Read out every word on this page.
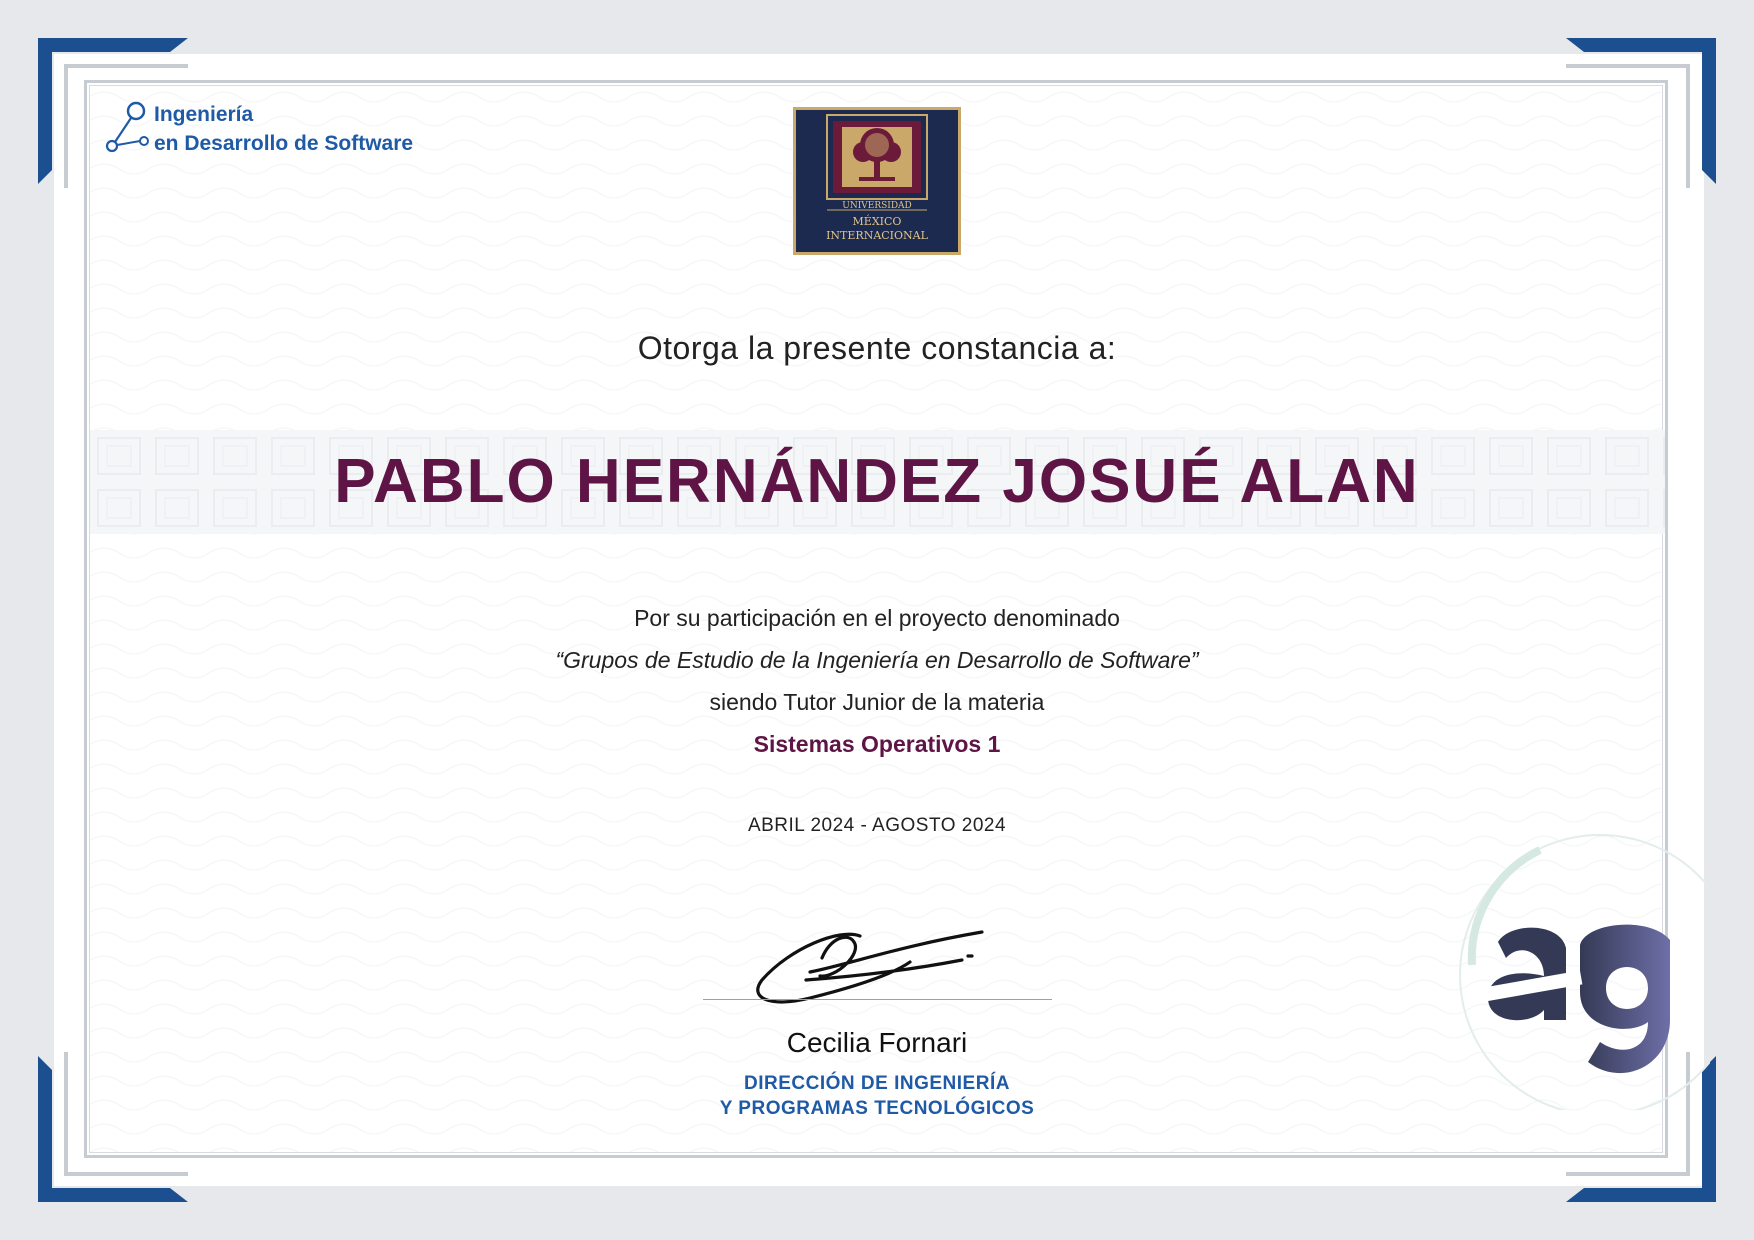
Ingeniería
en Desarrollo de Software
UNIVERSIDAD
MÉXICO
INTERNACIONAL
Otorga la presente constancia a:
PABLO HERNÁNDEZ JOSUÉ ALAN
Por su participación en el proyecto denominado
“Grupos de Estudio de la Ingeniería en Desarrollo de Software”
siendo Tutor Junior de la materia
Sistemas Operativos 1
ABRIL 2024 - AGOSTO 2024
Cecilia Fornari
DIRECCIÓN DE INGENIERÍA
Y PROGRAMAS TECNOLÓGICOS
